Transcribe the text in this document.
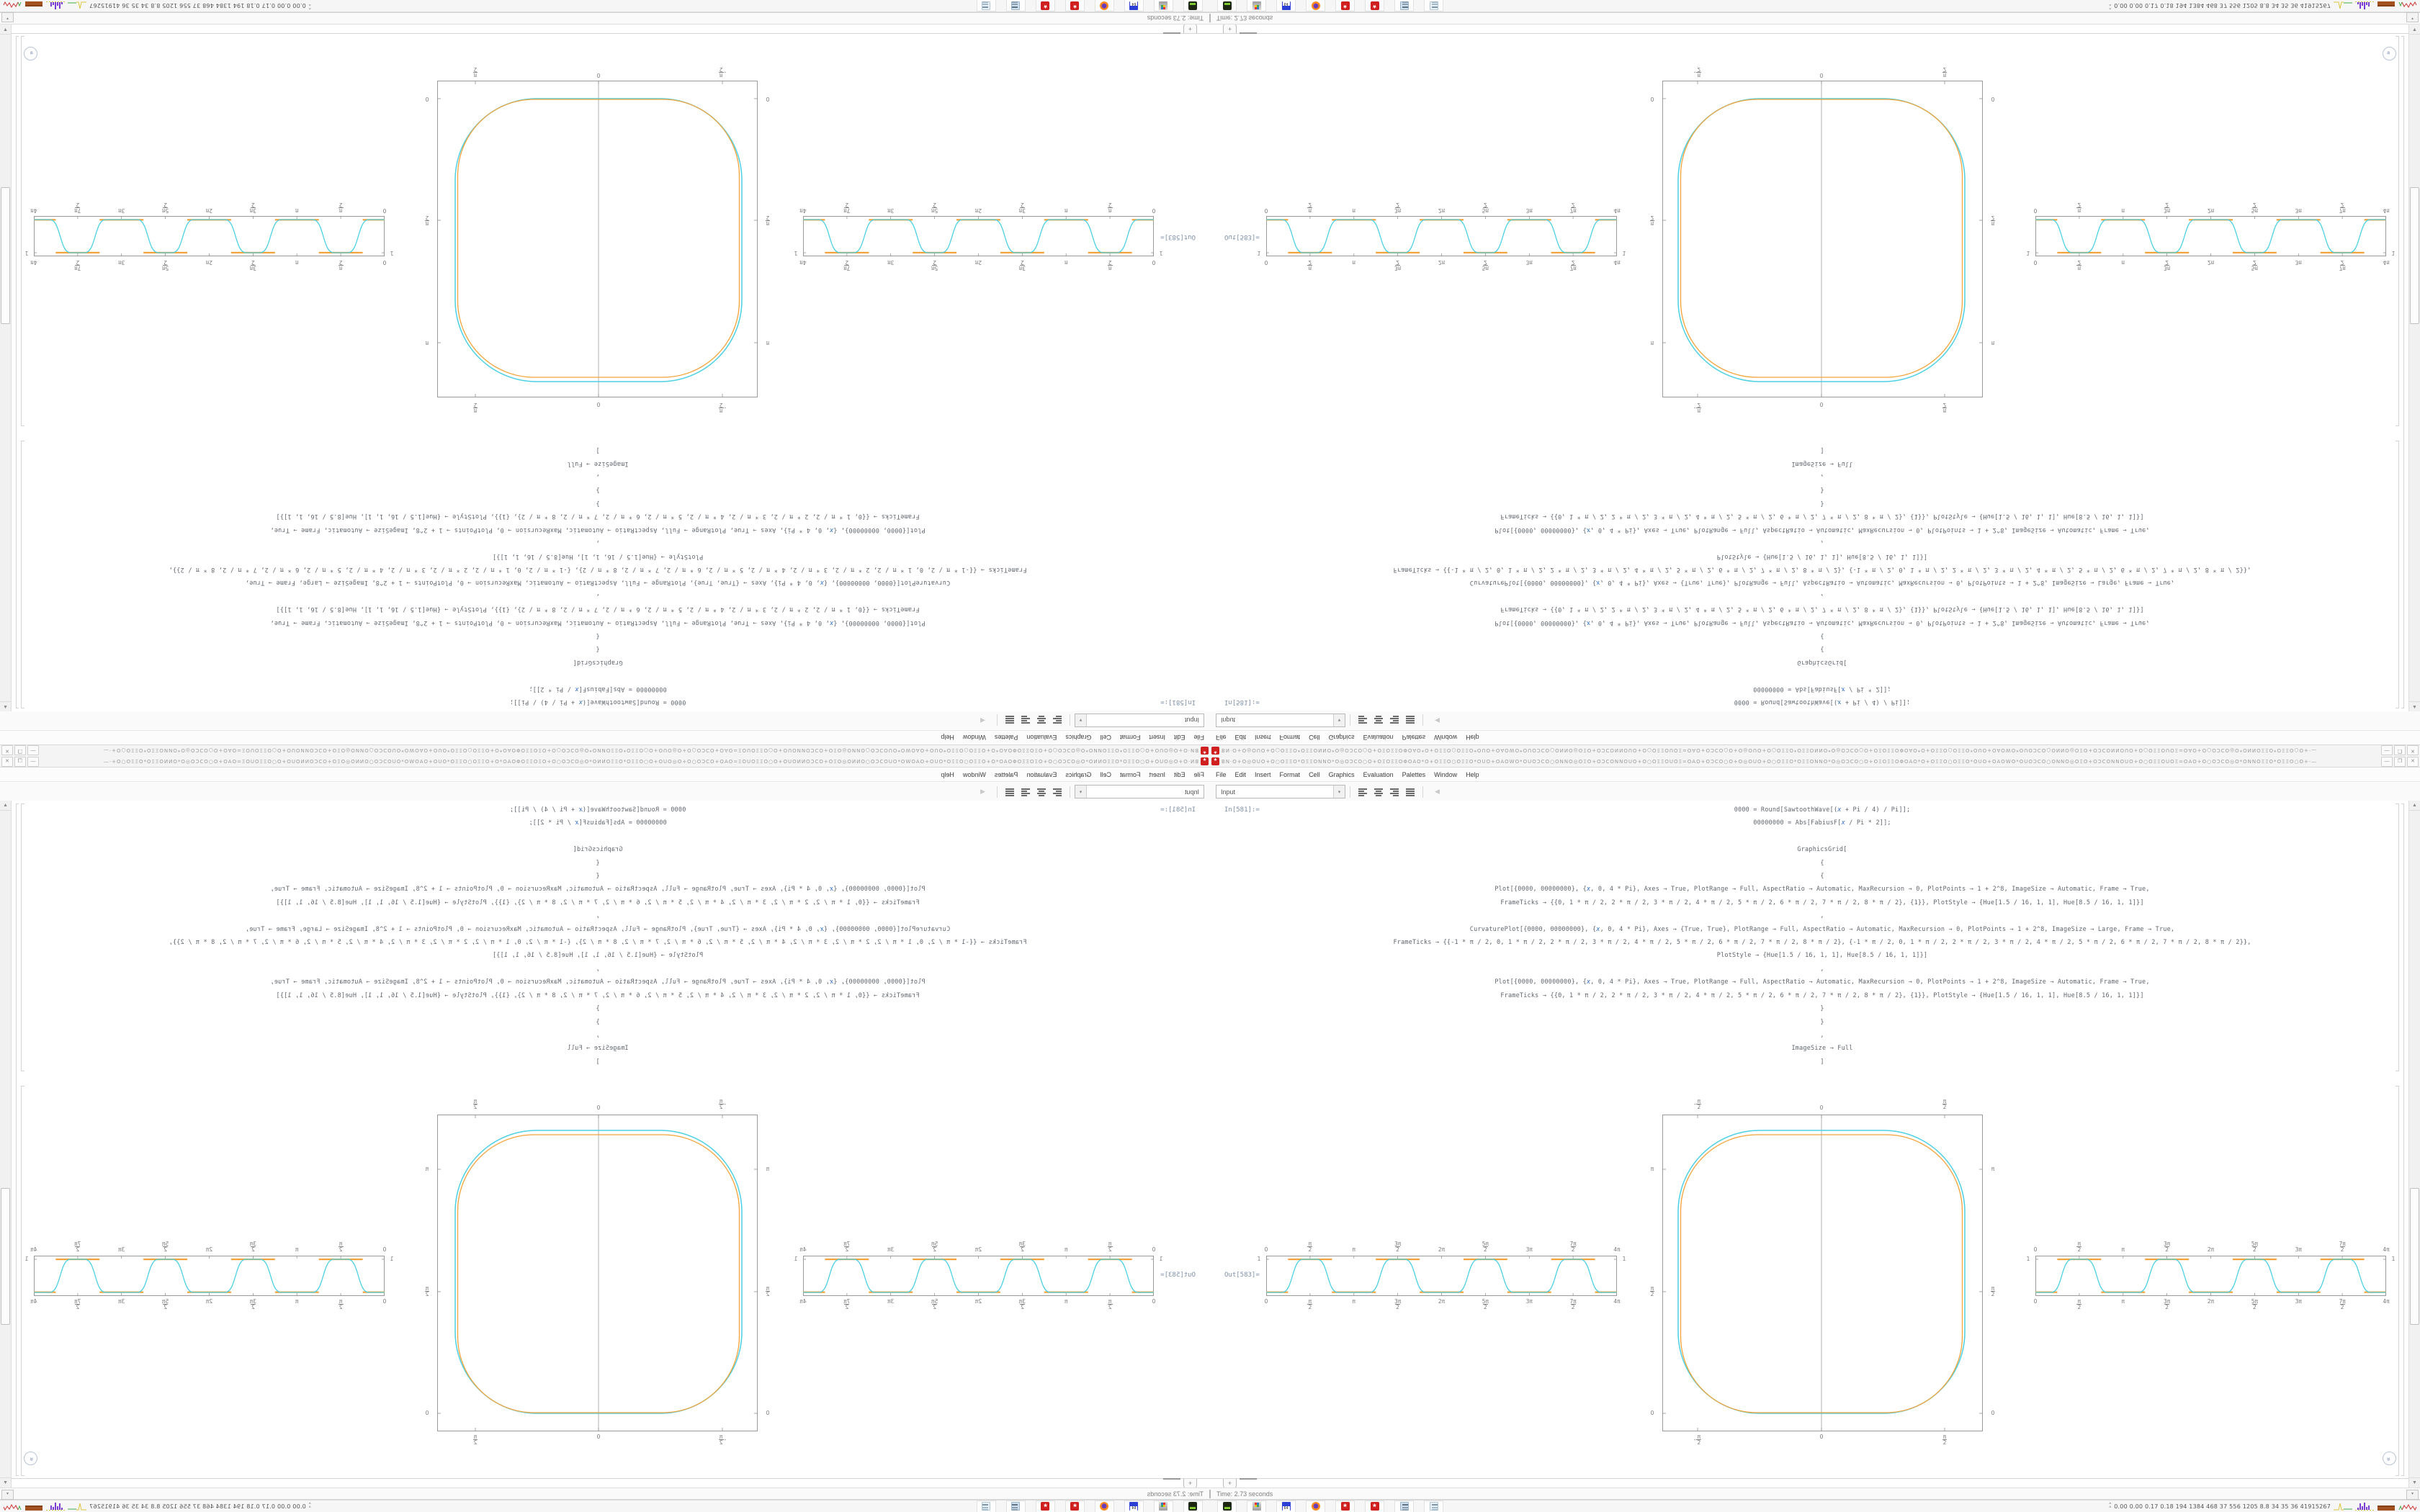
* BN·O+O◎OUO+O○OΞΞO*OΞΞONNO*O◎OƆCO○O+OΞOΞΞOΦOΑO*O+OΞΞO○OΞΞO*OUO+OΑOWO*OUOƆCO○ONNO◎OΞO+OƆCONNOUO+O○OΞΞOUOΞ=OΑO+OƆCO○O+O◎OUO+O○OΞΞO*OΞΞONNO*O◎OƆCO○O+OΞOΞΞOΦOΑO*O+OΞΞO○OΞΞO*OUO+OΑOWO*OUOƆCO○ONNO◎OΞO+OƆCONNOUO+O○OΞΞOUOΞ=OΑO+O○OƆCO◎O*ONNOΞΞO*OΞΞO○O+·—	—	❐	✕
File Edit Insert Format Cell Graphics Evaluation Palettes Window Help
Input	▾	◀
In[581]:=	0000 = Round[SawtoothWave[(x + Pi / 4) / Pi]];
00000000 = Abs[FabiusF[x / Pi * 2]];

GraphicsGrid[
{
{
Plot[{0000, 00000000}, {x, 0, 4 * Pi}, Axes → True, PlotRange → Full, AspectRatio → Automatic, MaxRecursion → 0, PlotPoints → 1 + 2^8, ImageSize → Automatic, Frame → True,
FrameTicks → {{0, 1 * π / 2, 2 * π / 2, 3 * π / 2, 4 * π / 2, 5 * π / 2, 6 * π / 2, 7 * π / 2, 8 * π / 2}, {1}}, PlotStyle → {Hue[1.5 / 16, 1, 1], Hue[8.5 / 16, 1, 1]}]
,
CurvaturePlot[{0000, 00000000}, {x, 0, 4 * Pi}, Axes → {True, True}, PlotRange → Full, AspectRatio → Automatic, MaxRecursion → 0, PlotPoints → 1 + 2^8, ImageSize → Large, Frame → True,
FrameTicks → {{-1 * π / 2, 0, 1 * π / 2, 2 * π / 2, 3 * π / 2, 4 * π / 2, 5 * π / 2, 6 * π / 2, 7 * π / 2, 8 * π / 2}, {-1 * π / 2, 0, 1 * π / 2, 2 * π / 2, 3 * π / 2, 4 * π / 2, 5 * π / 2, 6 * π / 2, 7 * π / 2, 8 * π / 2}},
PlotStyle → {Hue[1.5 / 16, 1, 1], Hue[8.5 / 16, 1, 1]}]
,
Plot[{0000, 00000000}, {x, 0, 4 * Pi}, Axes → True, PlotRange → Full, AspectRatio → Automatic, MaxRecursion → 0, PlotPoints → 1 + 2^8, ImageSize → Automatic, Frame → True,
FrameTicks → {{0, 1 * π / 2, 2 * π / 2, 3 * π / 2, 4 * π / 2, 5 * π / 2, 6 * π / 2, 7 * π / 2, 8 * π / 2}, {1}}, PlotStyle → {Hue[1.5 / 16, 1, 1], Hue[8.5 / 16, 1, 1]}]
}
}
,
ImageSize → Full
]
Out[583]=
0
0
$\frac{\pi}{2}$
$\frac{\pi}{2}$
π
π
$\frac{3\pi}{2}$
$\frac{3\pi}{2}$
2π
2π
$\frac{5\pi}{2}$
$\frac{5\pi}{2}$
3π
3π
$\frac{7\pi}{2}$
$\frac{7\pi}{2}$
4π
4π
1	1
- $\frac{\pi}{2}$
- $\frac{\pi}{2}$
0
0
$\frac{\pi}{2}$
$\frac{\pi}{2}$
π	π
$\frac{\pi}{2}$	$\frac{\pi}{2}$
0	0
0
0
$\frac{\pi}{2}$
$\frac{\pi}{2}$
π
π
$\frac{3\pi}{2}$
$\frac{3\pi}{2}$
2π
2π
$\frac{5\pi}{2}$
$\frac{5\pi}{2}$
3π
3π
$\frac{7\pi}{2}$
$\frac{7\pi}{2}$
4π
4π
1	1
+
»
▲
▼
Time: 2.73 seconds	▾
64
*
*
^
^ 0.00 0.00 0.17 0.18 194 1384 468 37 556 1205 8.8 34 35 36 41915267
*
BN·O+O◎OUO+O○OΞΞO*OΞΞONNO*O◎OƆCO○O+OΞOΞΞOΦOΑO*O+OΞΞO○OΞΞO*OUO+OΑOWO*OUOƆCO○ONNO◎OΞO+OƆCONNOUO+O○OΞΞOUOΞ=OΑO+OƆCO○O+O◎OUO+O○OΞΞO*OΞΞONNO*O◎OƆCO○O+OΞOΞΞOΦOΑO*O+OΞΞO○OΞΞO*OUO+OΑOWO*OUOƆCO○ONNO◎OΞO+OƆCONNOUO+O○OΞΞOUOΞ=OΑO+O○OƆCO◎O*ONNOΞΞO*OΞΞO○O+·—
—
❐
✕
File
Edit
Insert
Format
Cell
Graphics
Evaluation
Palettes
Window
Help
Input
▾
◀
In[581]:=
0000 = Round[SawtoothWave[(x + Pi / 4) / Pi]];
00000000 = Abs[FabiusF[x / Pi * 2]];

GraphicsGrid[
{
{
Plot[{0000, 00000000}, {x, 0, 4 * Pi}, Axes → True, PlotRange → Full, AspectRatio → Automatic, MaxRecursion → 0, PlotPoints → 1 + 2^8, ImageSize → Automatic, Frame → True,
FrameTicks → {{0, 1 * π / 2, 2 * π / 2, 3 * π / 2, 4 * π / 2, 5 * π / 2, 6 * π / 2, 7 * π / 2, 8 * π / 2}, {1}}, PlotStyle → {Hue[1.5 / 16, 1, 1], Hue[8.5 / 16, 1, 1]}]
,
CurvaturePlot[{0000, 00000000}, {x, 0, 4 * Pi}, Axes → {True, True}, PlotRange → Full, AspectRatio → Automatic, MaxRecursion → 0, PlotPoints → 1 + 2^8, ImageSize → Large, Frame → True,
FrameTicks → {{-1 * π / 2, 0, 1 * π / 2, 2 * π / 2, 3 * π / 2, 4 * π / 2, 5 * π / 2, 6 * π / 2, 7 * π / 2, 8 * π / 2}, {-1 * π / 2, 0, 1 * π / 2, 2 * π / 2, 3 * π / 2, 4 * π / 2, 5 * π / 2, 6 * π / 2, 7 * π / 2, 8 * π / 2}},
PlotStyle → {Hue[1.5 / 16, 1, 1], Hue[8.5 / 16, 1, 1]}]
,
Plot[{0000, 00000000}, {x, 0, 4 * Pi}, Axes → True, PlotRange → Full, AspectRatio → Automatic, MaxRecursion → 0, PlotPoints → 1 + 2^8, ImageSize → Automatic, Frame → True,
FrameTicks → {{0, 1 * π / 2, 2 * π / 2, 3 * π / 2, 4 * π / 2, 5 * π / 2, 6 * π / 2, 7 * π / 2, 8 * π / 2}, {1}}, PlotStyle → {Hue[1.5 / 16, 1, 1], Hue[8.5 / 16, 1, 1]}]
}
}
,
ImageSize → Full
]
Out[583]=
0
0
$\frac{\pi}{2}$
$\frac{\pi}{2}$
π
π
$\frac{3\pi}{2}$
$\frac{3\pi}{2}$
2π
2π
$\frac{5\pi}{2}$
$\frac{5\pi}{2}$
3π
3π
$\frac{7\pi}{2}$
$\frac{7\pi}{2}$
4π
4π
1
1
-
$\frac{\pi}{2}$
-
$\frac{\pi}{2}$
0
0
$\frac{\pi}{2}$
$\frac{\pi}{2}$
π
π
$\frac{\pi}{2}$
$\frac{\pi}{2}$
0
0
0
0
$\frac{\pi}{2}$
$\frac{\pi}{2}$
π
π
$\frac{3\pi}{2}$
$\frac{3\pi}{2}$
2π
2π
$\frac{5\pi}{2}$
$\frac{5\pi}{2}$
3π
3π
$\frac{7\pi}{2}$
$\frac{7\pi}{2}$
4π
4π
1
1
+
»
▲
▼
Time: 2.73 seconds
▾
64
*
*
^
^
0.00 0.00 0.17 0.18 194 1384 468 37 556 1205 8.8 34 35 36 41915267
* BN·O+O◎OUO+O○OΞΞO*OΞΞONNO*O◎OƆCO○O+OΞOΞΞOΦOΑO*O+OΞΞO○OΞΞO*OUO+OΑOWO*OUOƆCO○ONNO◎OΞO+OƆCONNOUO+O○OΞΞOUOΞ=OΑO+OƆCO○O+O◎OUO+O○OΞΞO*OΞΞONNO*O◎OƆCO○O+OΞOΞΞOΦOΑO*O+OΞΞO○OΞΞO*OUO+OΑOWO*OUOƆCO○ONNO◎OΞO+OƆCONNOUO+O○OΞΞOUOΞ=OΑO+O○OƆCO◎O*ONNOΞΞO*OΞΞO○O+·—	—	❐	✕
File Edit Insert Format Cell Graphics Evaluation Palettes Window Help
Input	▾	◀
In[581]:=	0000 = Round[SawtoothWave[(x + Pi / 4) / Pi]];
00000000 = Abs[FabiusF[x / Pi * 2]];

GraphicsGrid[
{
{
Plot[{0000, 00000000}, {x, 0, 4 * Pi}, Axes → True, PlotRange → Full, AspectRatio → Automatic, MaxRecursion → 0, PlotPoints → 1 + 2^8, ImageSize → Automatic, Frame → True,
FrameTicks → {{0, 1 * π / 2, 2 * π / 2, 3 * π / 2, 4 * π / 2, 5 * π / 2, 6 * π / 2, 7 * π / 2, 8 * π / 2}, {1}}, PlotStyle → {Hue[1.5 / 16, 1, 1], Hue[8.5 / 16, 1, 1]}]
,
CurvaturePlot[{0000, 00000000}, {x, 0, 4 * Pi}, Axes → {True, True}, PlotRange → Full, AspectRatio → Automatic, MaxRecursion → 0, PlotPoints → 1 + 2^8, ImageSize → Large, Frame → True,
FrameTicks → {{-1 * π / 2, 0, 1 * π / 2, 2 * π / 2, 3 * π / 2, 4 * π / 2, 5 * π / 2, 6 * π / 2, 7 * π / 2, 8 * π / 2}, {-1 * π / 2, 0, 1 * π / 2, 2 * π / 2, 3 * π / 2, 4 * π / 2, 5 * π / 2, 6 * π / 2, 7 * π / 2, 8 * π / 2}},
PlotStyle → {Hue[1.5 / 16, 1, 1], Hue[8.5 / 16, 1, 1]}]
,
Plot[{0000, 00000000}, {x, 0, 4 * Pi}, Axes → True, PlotRange → Full, AspectRatio → Automatic, MaxRecursion → 0, PlotPoints → 1 + 2^8, ImageSize → Automatic, Frame → True,
FrameTicks → {{0, 1 * π / 2, 2 * π / 2, 3 * π / 2, 4 * π / 2, 5 * π / 2, 6 * π / 2, 7 * π / 2, 8 * π / 2}, {1}}, PlotStyle → {Hue[1.5 / 16, 1, 1], Hue[8.5 / 16, 1, 1]}]
}
}
,
ImageSize → Full
]
Out[583]=
0
0
π
2
π
2
π
π
3π
2
3π
2
2π
2π
5π
2
5π
2
3π
3π
7π
2
7π
2
4π
4π
1	1
- π
2
- π
2
0
0
π
2
π
2
π	π
π
2
π
2
0	0
0
0
π
2
π
2
π
π
3π
2
3π
2
2π
2π
5π
2
5π
2
3π
3π
7π
2
7π
2
4π
4π
1	1
+
»
▲
▼
Time: 2.73 seconds	▾
64
*
*
^
^ 0.00 0.00 0.17 0.18 194 1384 468 37 556 1205 8.8 34 35 36 41915267
*
BN·O+O◎OUO+O○OΞΞO*OΞΞONNO*O◎OƆCO○O+OΞOΞΞOΦOΑO*O+OΞΞO○OΞΞO*OUO+OΑOWO*OUOƆCO○ONNO◎OΞO+OƆCONNOUO+O○OΞΞOUOΞ=OΑO+OƆCO○O+O◎OUO+O○OΞΞO*OΞΞONNO*O◎OƆCO○O+OΞOΞΞOΦOΑO*O+OΞΞO○OΞΞO*OUO+OΑOWO*OUOƆCO○ONNO◎OΞO+OƆCONNOUO+O○OΞΞOUOΞ=OΑO+O○OƆCO◎O*ONNOΞΞO*OΞΞO○O+·—
—
❐
✕
File
Edit
Insert
Format
Cell
Graphics
Evaluation
Palettes
Window
Help
Input
▾
◀
In[581]:=
0000 = Round[SawtoothWave[(x + Pi / 4) / Pi]];
00000000 = Abs[FabiusF[x / Pi * 2]];

GraphicsGrid[
{
{
Plot[{0000, 00000000}, {x, 0, 4 * Pi}, Axes → True, PlotRange → Full, AspectRatio → Automatic, MaxRecursion → 0, PlotPoints → 1 + 2^8, ImageSize → Automatic, Frame → True,
FrameTicks → {{0, 1 * π / 2, 2 * π / 2, 3 * π / 2, 4 * π / 2, 5 * π / 2, 6 * π / 2, 7 * π / 2, 8 * π / 2}, {1}}, PlotStyle → {Hue[1.5 / 16, 1, 1], Hue[8.5 / 16, 1, 1]}]
,
CurvaturePlot[{0000, 00000000}, {x, 0, 4 * Pi}, Axes → {True, True}, PlotRange → Full, AspectRatio → Automatic, MaxRecursion → 0, PlotPoints → 1 + 2^8, ImageSize → Large, Frame → True,
FrameTicks → {{-1 * π / 2, 0, 1 * π / 2, 2 * π / 2, 3 * π / 2, 4 * π / 2, 5 * π / 2, 6 * π / 2, 7 * π / 2, 8 * π / 2}, {-1 * π / 2, 0, 1 * π / 2, 2 * π / 2, 3 * π / 2, 4 * π / 2, 5 * π / 2, 6 * π / 2, 7 * π / 2, 8 * π / 2}},
PlotStyle → {Hue[1.5 / 16, 1, 1], Hue[8.5 / 16, 1, 1]}]
,
Plot[{0000, 00000000}, {x, 0, 4 * Pi}, Axes → True, PlotRange → Full, AspectRatio → Automatic, MaxRecursion → 0, PlotPoints → 1 + 2^8, ImageSize → Automatic, Frame → True,
FrameTicks → {{0, 1 * π / 2, 2 * π / 2, 3 * π / 2, 4 * π / 2, 5 * π / 2, 6 * π / 2, 7 * π / 2, 8 * π / 2}, {1}}, PlotStyle → {Hue[1.5 / 16, 1, 1], Hue[8.5 / 16, 1, 1]}]
}
}
,
ImageSize → Full
]
Out[583]=
0
0
π
2
π
2
π
π
3π
2
3π
2
2π
2π
5π
2
5π
2
3π
3π
7π
2
7π
2
4π
4π
1
1
-
π
2
-
π
2
0
0
π
2
π
2
π
π
π
2
π
2
0
0
0
0
π
2
π
2
π
π
3π
2
3π
2
2π
2π
5π
2
5π
2
3π
3π
7π
2
7π
2
4π
4π
1
1
+
»
▲
▼
Time: 2.73 seconds
▾
64
*
*
^
^
0.00 0.00 0.17 0.18 194 1384 468 37 556 1205 8.8 34 35 36 41915267
